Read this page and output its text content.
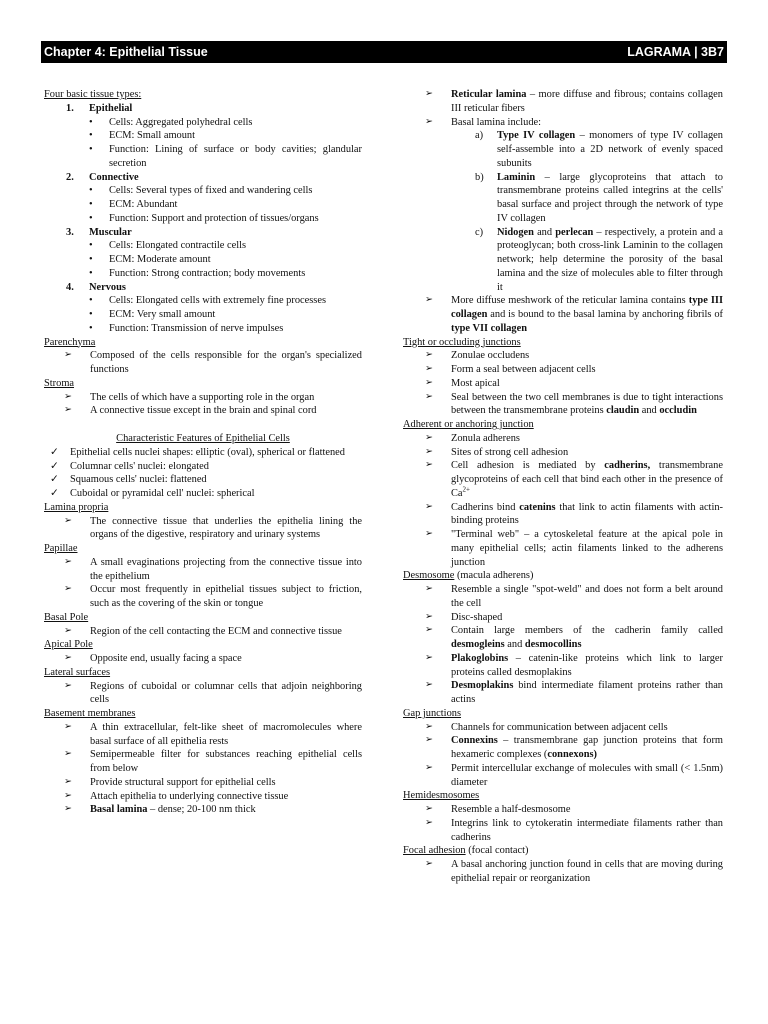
Chapter 4: Epithelial Tissue	LAGRAMA | 3B7
Four basic tissue types:
1.	Epithelial
•	Cells: Aggregated polyhedral cells
•	ECM: Small amount
•	Function: Lining of surface or body cavities; glandular secretion
2.	Connective
•	Cells: Several types of fixed and wandering cells
•	ECM: Abundant
•	Function: Support and protection of tissues/organs
3.	Muscular
•	Cells: Elongated contractile cells
•	ECM: Moderate amount
•	Function: Strong contraction; body movements
4.	Nervous
•	Cells: Elongated cells with extremely fine processes
•	ECM: Very small amount
•	Function: Transmission of nerve impulses
Parenchyma
➢	Composed of the cells responsible for the organ's specialized functions
Stroma
➢	The cells of which have a supporting role in the organ
➢	A connective tissue except in the brain and spinal cord
Characteristic Features of Epithelial Cells
✓	Epithelial cells nuclei shapes: elliptic (oval), spherical or flattened
✓	Columnar cells' nuclei: elongated
✓	Squamous cells' nuclei: flattened
✓	Cuboidal or pyramidal cell' nuclei: spherical
Lamina propria
➢	The connective tissue that underlies the epithelia lining the organs of the digestive, respiratory and urinary systems
Papillae
➢	A small evaginations projecting from the connective tissue into the epithelium
➢	Occur most frequently in epithelial tissues subject to friction, such as the covering of the skin or tongue
Basal Pole
➢	Region of the cell contacting the ECM and connective tissue
Apical Pole
➢	Opposite end, usually facing a space
Lateral surfaces
➢	Regions of cuboidal or columnar cells that adjoin neighboring cells
Basement membranes
➢	A thin extracellular, felt-like sheet of macromolecules where basal surface of all epithelia rests
➢	Semipermeable filter for substances reaching epithelial cells from below
➢	Provide structural support for epithelial cells
➢	Attach epithelia to underlying connective tissue
➢	Basal lamina – dense; 20-100 nm thick
➢	Reticular lamina – more diffuse and fibrous; contains collagen III reticular fibers
➢	Basal lamina include:
a)	Type IV collagen – monomers of type IV collagen self-assemble into a 2D network of evenly spaced subunits
b)	Laminin – large glycoproteins that attach to transmembrane proteins called integrins at the cells' basal surface and project through the network of type IV collagen
c)	Nidogen and perlecan – respectively, a protein and a proteoglycan; both cross-link Laminin to the collagen network; help determine the porosity of the basal lamina and the size of molecules able to filter through it
➢	More diffuse meshwork of the reticular lamina contains type III collagen and is bound to the basal lamina by anchoring fibrils of type VII collagen
Tight or occluding junctions
➢	Zonulae occludens
➢	Form a seal between adjacent cells
➢	Most apical
➢	Seal between the two cell membranes is due to tight interactions between the transmembrane proteins claudin and occludin
Adherent or anchoring junction
➢	Zonula adherens
➢	Sites of strong cell adhesion
➢	Cell adhesion is mediated by cadherins, transmembrane glycoproteins of each cell that bind each other in the presence of $Ca^{2+}$
➢	Cadherins bind catenins that link to actin filaments with actin-binding proteins
➢	"Terminal web" – a cytoskeletal feature at the apical pole in many epithelial cells; actin filaments linked to the adherens junction
Desmosome (macula adherens)
➢	Resemble a single "spot-weld" and does not form a belt around the cell
➢	Disc-shaped
➢	Contain large members of the cadherin family called desmogleins and desmocollins
➢	Plakoglobins – catenin-like proteins which link to larger proteins called desmoplakins
➢	Desmoplakins bind intermediate filament proteins rather than actins
Gap junctions
➢	Channels for communication between adjacent cells
➢	Connexins – transmembrane gap junction proteins that form hexameric complexes (connexons)
➢	Permit intercellular exchange of molecules with small (< 1.5nm) diameter
Hemidesmosomes
➢	Resemble a half-desmosome
➢	Integrins link to cytokeratin intermediate filaments rather than cadherins
Focal adhesion (focal contact)
➢	A basal anchoring junction found in cells that are moving during epithelial repair or reorganization
